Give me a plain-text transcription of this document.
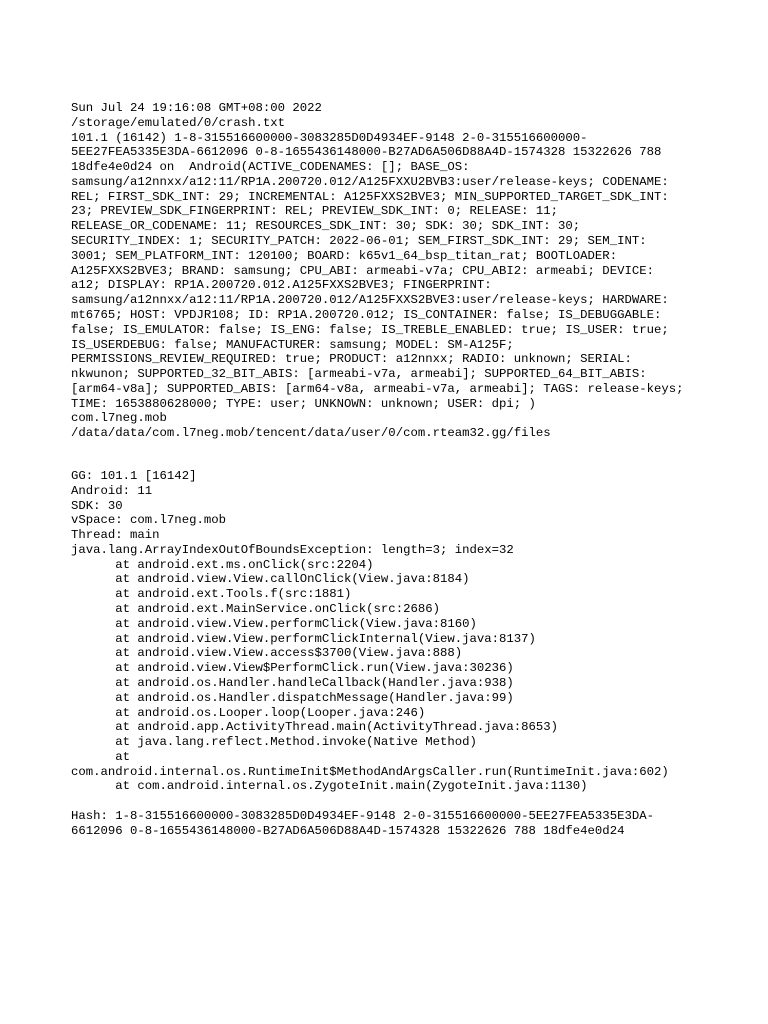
Sun Jul 24 19:16:08 GMT+08:00 2022
/storage/emulated/0/crash.txt
101.1 (16142) 1-8-315516600000-3083285D0D4934EF-9148 2-0-315516600000-
5EE27FEA5335E3DA-6612096 0-8-1655436148000-B27AD6A506D88A4D-1574328 15322626 788
18dfe4e0d24 on  Android(ACTIVE_CODENAMES: []; BASE_OS:
samsung/a12nnxx/a12:11/RP1A.200720.012/A125FXXU2BVB3:user/release-keys; CODENAME:
REL; FIRST_SDK_INT: 29; INCREMENTAL: A125FXXS2BVE3; MIN_SUPPORTED_TARGET_SDK_INT:
23; PREVIEW_SDK_FINGERPRINT: REL; PREVIEW_SDK_INT: 0; RELEASE: 11;
RELEASE_OR_CODENAME: 11; RESOURCES_SDK_INT: 30; SDK: 30; SDK_INT: 30;
SECURITY_INDEX: 1; SECURITY_PATCH: 2022-06-01; SEM_FIRST_SDK_INT: 29; SEM_INT:
3001; SEM_PLATFORM_INT: 120100; BOARD: k65v1_64_bsp_titan_rat; BOOTLOADER:
A125FXXS2BVE3; BRAND: samsung; CPU_ABI: armeabi-v7a; CPU_ABI2: armeabi; DEVICE:
a12; DISPLAY: RP1A.200720.012.A125FXXS2BVE3; FINGERPRINT:
samsung/a12nnxx/a12:11/RP1A.200720.012/A125FXXS2BVE3:user/release-keys; HARDWARE:
mt6765; HOST: VPDJR108; ID: RP1A.200720.012; IS_CONTAINER: false; IS_DEBUGGABLE:
false; IS_EMULATOR: false; IS_ENG: false; IS_TREBLE_ENABLED: true; IS_USER: true;
IS_USERDEBUG: false; MANUFACTURER: samsung; MODEL: SM-A125F;
PERMISSIONS_REVIEW_REQUIRED: true; PRODUCT: a12nnxx; RADIO: unknown; SERIAL:
nkwunon; SUPPORTED_32_BIT_ABIS: [armeabi-v7a, armeabi]; SUPPORTED_64_BIT_ABIS:
[arm64-v8a]; SUPPORTED_ABIS: [arm64-v8a, armeabi-v7a, armeabi]; TAGS: release-keys;
TIME: 1653880628000; TYPE: user; UNKNOWN: unknown; USER: dpi; )
com.l7neg.mob
/data/data/com.l7neg.mob/tencent/data/user/0/com.rteam32.gg/files
GG: 101.1 [16142]
Android: 11
SDK: 30
vSpace: com.l7neg.mob
Thread: main
java.lang.ArrayIndexOutOfBoundsException: length=3; index=32
at android.ext.ms.onClick(src:2204)
at android.view.View.callOnClick(View.java:8184)
at android.ext.Tools.f(src:1881)
at android.ext.MainService.onClick(src:2686)
at android.view.View.performClick(View.java:8160)
at android.view.View.performClickInternal(View.java:8137)
at android.view.View.access$3700(View.java:888)
at android.view.View$PerformClick.run(View.java:30236)
at android.os.Handler.handleCallback(Handler.java:938)
at android.os.Handler.dispatchMessage(Handler.java:99)
at android.os.Looper.loop(Looper.java:246)
at android.app.ActivityThread.main(ActivityThread.java:8653)
at java.lang.reflect.Method.invoke(Native Method)
at
com.android.internal.os.RuntimeInit$MethodAndArgsCaller.run(RuntimeInit.java:602)
at com.android.internal.os.ZygoteInit.main(ZygoteInit.java:1130)

Hash: 1-8-315516600000-3083285D0D4934EF-9148 2-0-315516600000-5EE27FEA5335E3DA-
6612096 0-8-1655436148000-B27AD6A506D88A4D-1574328 15322626 788 18dfe4e0d24
